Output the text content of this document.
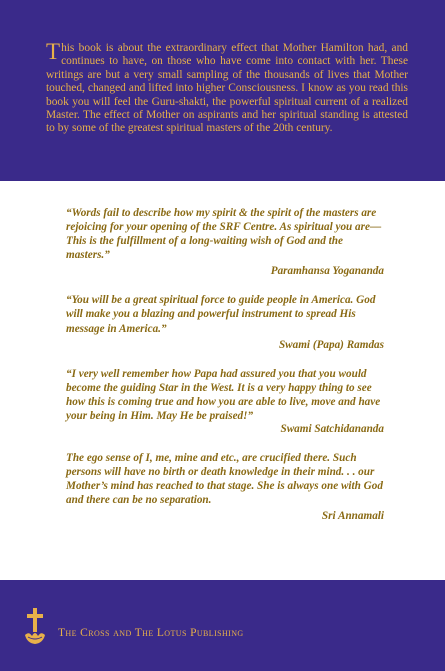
This book is about the extraordinary effect that Mother Hamilton had, and continues to have, on those who have come into contact with her. These writings are but a very small sampling of the thousands of lives that Mother touched, changed and lifted into higher Consciousness. I know as you read this book you will feel the Guru-shakti, the powerful spiritual current of a realized Master. The effect of Mother on aspirants and her spiritual standing is attested to by some of the greatest spiritual masters of the 20th century.

“Words fail to describe how my spirit & the spirit of the masters are rejoicing for your opening of the SRF Centre. As spiritual you are—This is the fulfillment of a long-waiting wish of God and the masters.”

Paramhansa Yogananda

“You will be a great spiritual force to guide people in America. God will make you a blazing and powerful instrument to spread His message in America.”

Swami (Papa) Ramdas

“I very well remember how Papa had assured you that you would become the guiding Star in the West. It is a very happy thing to see how this is coming true and how you are able to live, move and have your being in Him. May He be praised!”

Swami Satchidananda

The ego sense of I, me, mine and etc., are crucified there. Such persons will have no birth or death knowledge in their mind. . . our Mother’s mind has reached to that stage. She is always one with God and there can be no separation.

Sri Annamali

The Cross and The Lotus Publishing
